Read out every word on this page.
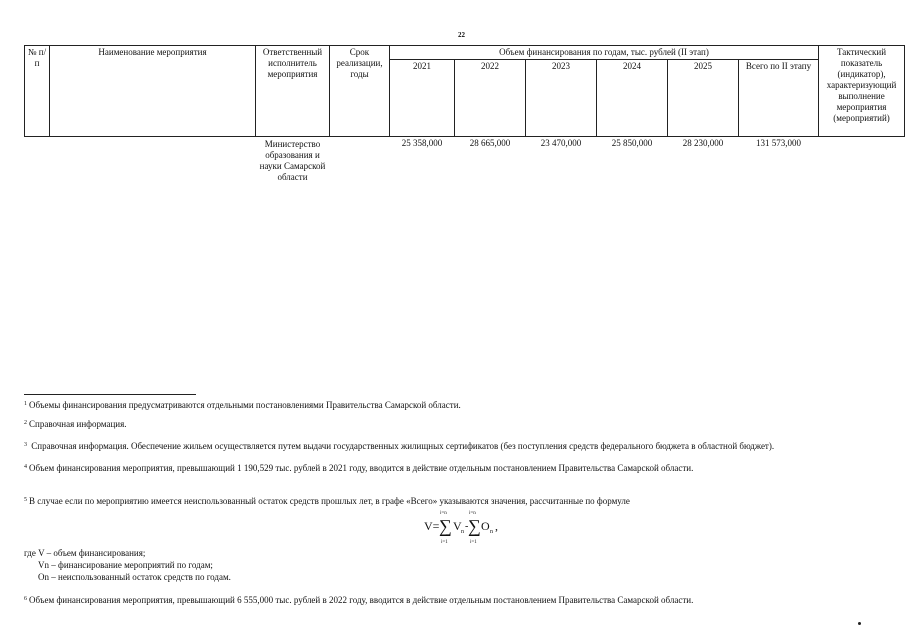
22
№ п/п	Наименование мероприятия	Ответственный исполнитель мероприятия	Срок реализации, годы	Объем финансирования по годам, тыс. рублей (II этап)						Тактический показатель (индикатор), характеризующий выполнение мероприятия (мероприятий)
				2021	2022	2023	2024	2025	Всего по II этапу	
		Министерство образования и науки Самарской области		25 358,000	28 665,000	23 470,000	25 850,000	28 230,000	131 573,000	
$^1$ Объемы финансирования предусматриваются отдельными постановлениями Правительства Самарской области.
$^2$ Справочная информация.
$^3$ Справочная информация. Обеспечение жильем осуществляется путем выдачи государственных жилищных сертификатов (без поступления средств федерального бюджета в областной бюджет).
$^4$ Объем финансирования мероприятия, превышающий 1 190,529 тыс. рублей в 2021 году, вводится в действие отдельным постановлением Правительства Самарской области.
$^5$ В случае если по мероприятию имеется неиспользованный остаток средств прошлых лет, в графе «Всего» указываются значения, рассчитанные по формуле
V=
i=n
∑
i=1
V n -
i=n
∑
i=1
O n ,
где V – объем финансирования;
Vn – финансирование мероприятий по годам;
On – неиспользованный остаток средств по годам.
$^6$ Объем финансирования мероприятия, превышающий 6 555,000 тыс. рублей в 2022 году, вводится в действие отдельным постановлением Правительства Самарской области.
